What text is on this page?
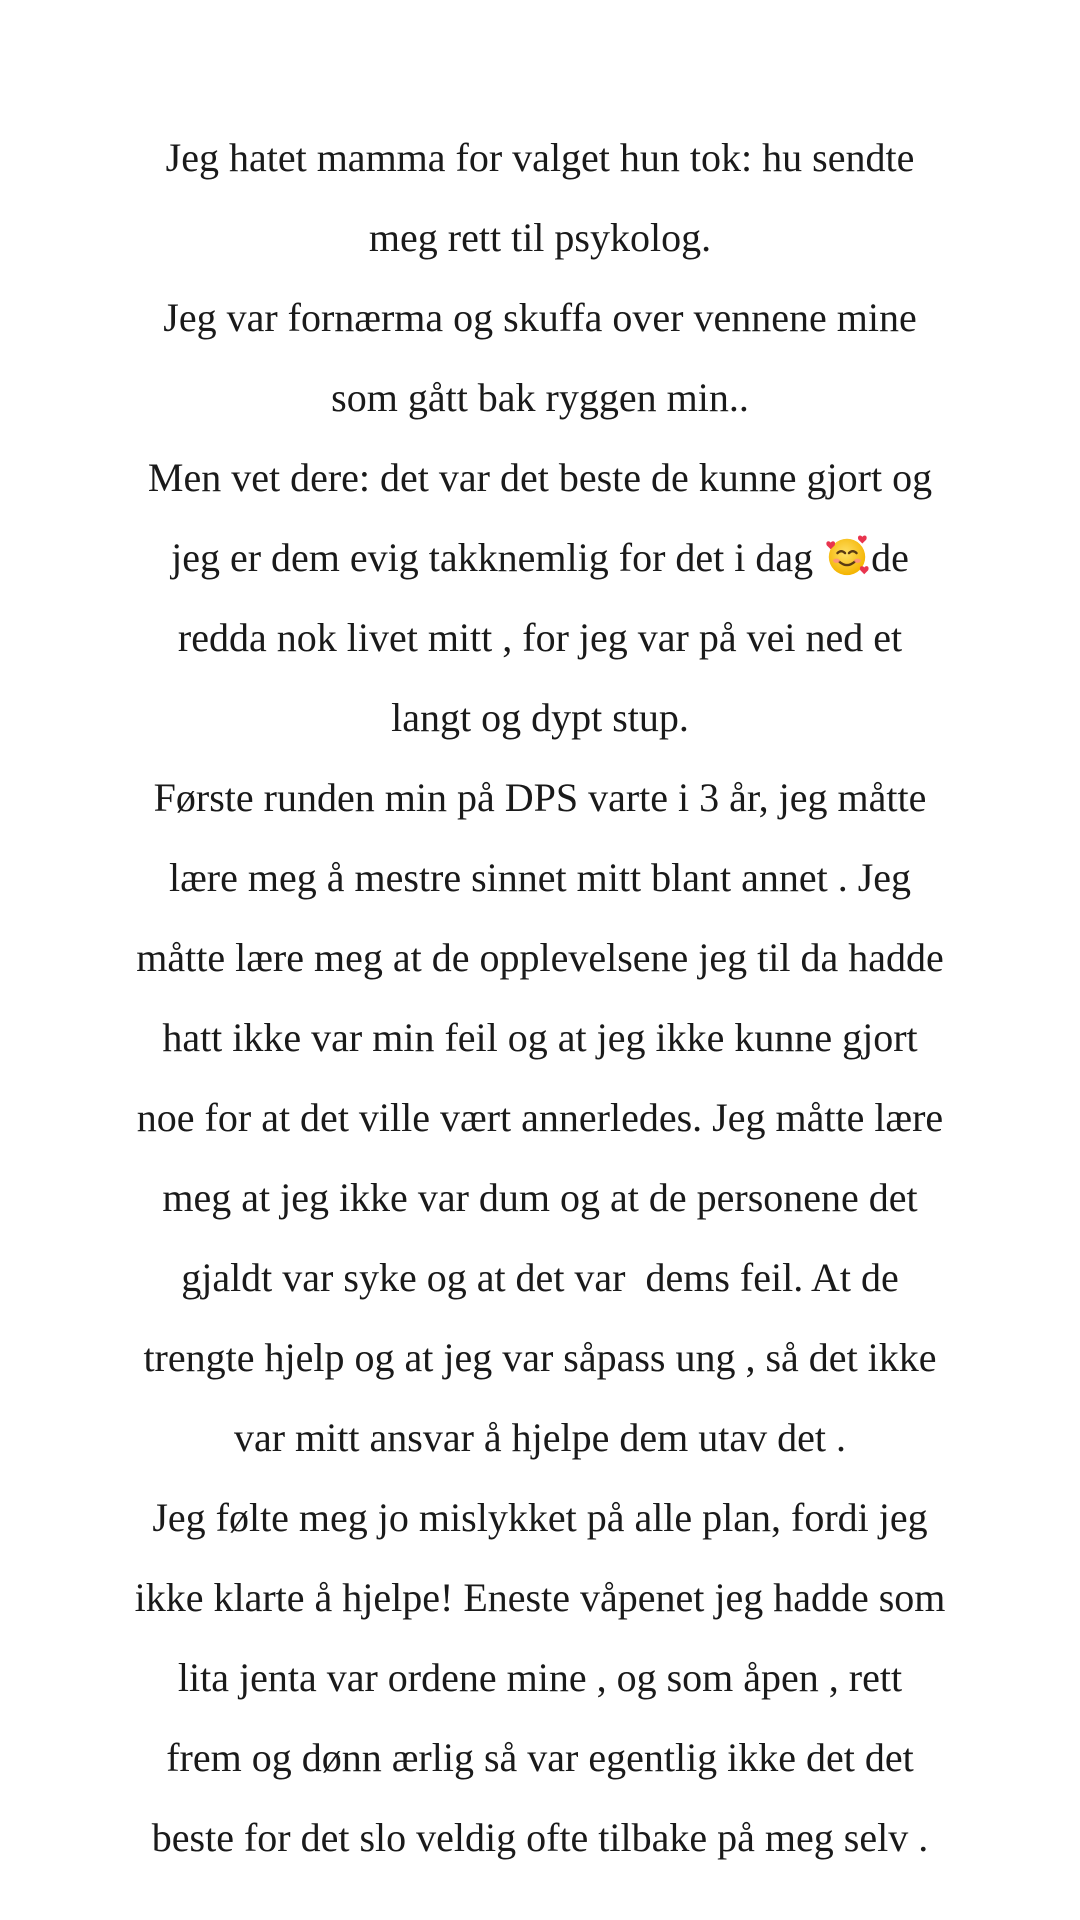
Jeg hatet mamma for valget hun tok: hu sendte
meg rett til psykolog.
Jeg var fornærma og skuffa over vennene mine
som gått bak ryggen min..
Men vet dere: det var det beste de kunne gjort og
jeg er dem evig takknemlig for det i dag de
redda nok livet mitt , for jeg var på vei ned et
langt og dypt stup.
Første runden min på DPS varte i 3 år, jeg måtte
lære meg å mestre sinnet mitt blant annet . Jeg
måtte lære meg at de opplevelsene jeg til da hadde
hatt ikke var min feil og at jeg ikke kunne gjort
noe for at det ville vært annerledes. Jeg måtte lære
meg at jeg ikke var dum og at de personene det
gjaldt var syke og at det var  dems feil. At de
trengte hjelp og at jeg var såpass ung , så det ikke
var mitt ansvar å hjelpe dem utav det .
Jeg følte meg jo mislykket på alle plan, fordi jeg
ikke klarte å hjelpe! Eneste våpenet jeg hadde som
lita jenta var ordene mine , og som åpen , rett
frem og dønn ærlig så var egentlig ikke det det
beste for det slo veldig ofte tilbake på meg selv .
